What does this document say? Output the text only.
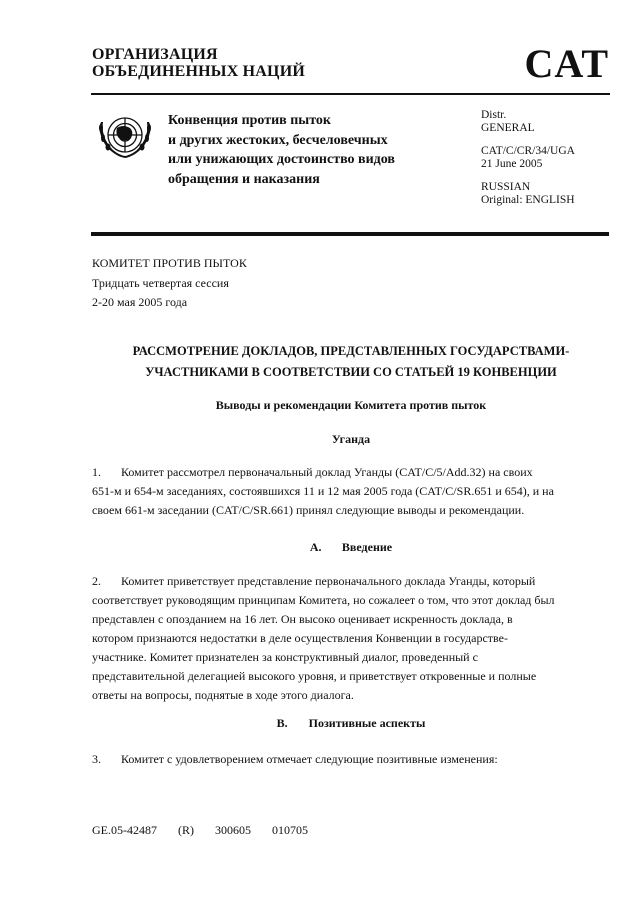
ОРГАНИЗАЦИЯ
ОБЪЕДИНЕННЫХ НАЦИЙ	CAT
Конвенция против пыток
и других жестоких, бесчеловечных
или унижающих достоинство видов
обращения и наказания
Distr.
GENERAL
CAT/C/CR/34/UGA
21 June 2005
RUSSIAN
Original: ENGLISH
КОМИТЕТ ПРОТИВ ПЫТОК
Тридцать четвертая сессия
2-20 мая 2005 года
РАССМОТРЕНИЕ ДОКЛАДОВ, ПРЕДСТАВЛЕННЫХ ГОСУДАРСТВАМИ-
УЧАСТНИКАМИ В СООТВЕТСТВИИ СО СТАТЬЕЙ 19 КОНВЕНЦИИ
Выводы и рекомендации Комитета против пыток
Уганда
1. Комитет рассмотрел первоначальный доклад Уганды (CAT/C/5/Add.32) на своих
651-м и 654-м заседаниях, состоявшихся 11 и 12 мая 2005 года (CAT/C/SR.651 и 654), и на
своем 661-м заседании (CAT/C/SR.661) принял следующие выводы и рекомендации.
A. Введение
2. Комитет приветствует представление первоначального доклада Уганды, который
соответствует руководящим принципам Комитета, но сожалеет о том, что этот доклад был
представлен с опозданием на 16 лет. Он высоко оценивает искренность доклада, в
котором признаются недостатки в деле осуществления Конвенции в государстве-
участнике. Комитет признателен за конструктивный диалог, проведенный с
представительной делегацией высокого уровня, и приветствует откровенные и полные
ответы на вопросы, поднятые в ходе этого диалога.
B. Позитивные аспекты
3. Комитет с удовлетворением отмечает следующие позитивные изменения:
GE.05-42487 (R) 300605 010705
